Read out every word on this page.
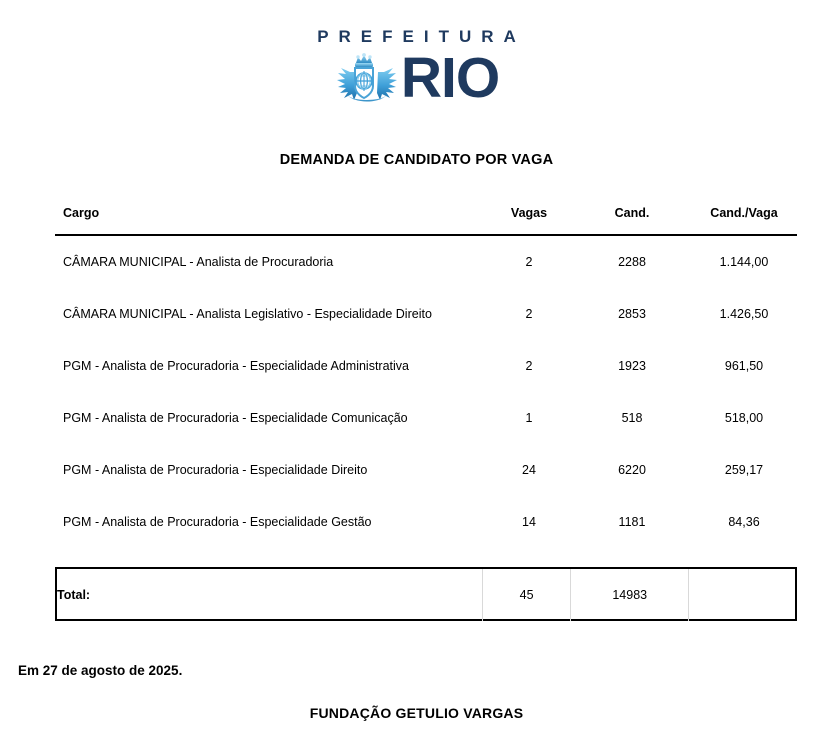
PREFEITURA
RIO
DEMANDA DE CANDIDATO POR VAGA
Cargo	Vagas	Cand.	Cand./Vaga
CÂMARA MUNICIPAL - Analista de Procuradoria	2	2288	1.144,00
CÂMARA MUNICIPAL - Analista Legislativo - Especialidade Direito	2	2853	1.426,50
PGM - Analista de Procuradoria - Especialidade Administrativa	2	1923	961,50
PGM - Analista de Procuradoria - Especialidade Comunicação	1	518	518,00
PGM - Analista de Procuradoria - Especialidade Direito	24	6220	259,17
PGM - Analista de Procuradoria - Especialidade Gestão	14	1181	84,36
Total:	45	14983	
Em 27 de agosto de 2025.
FUNDAÇÃO GETULIO VARGAS
